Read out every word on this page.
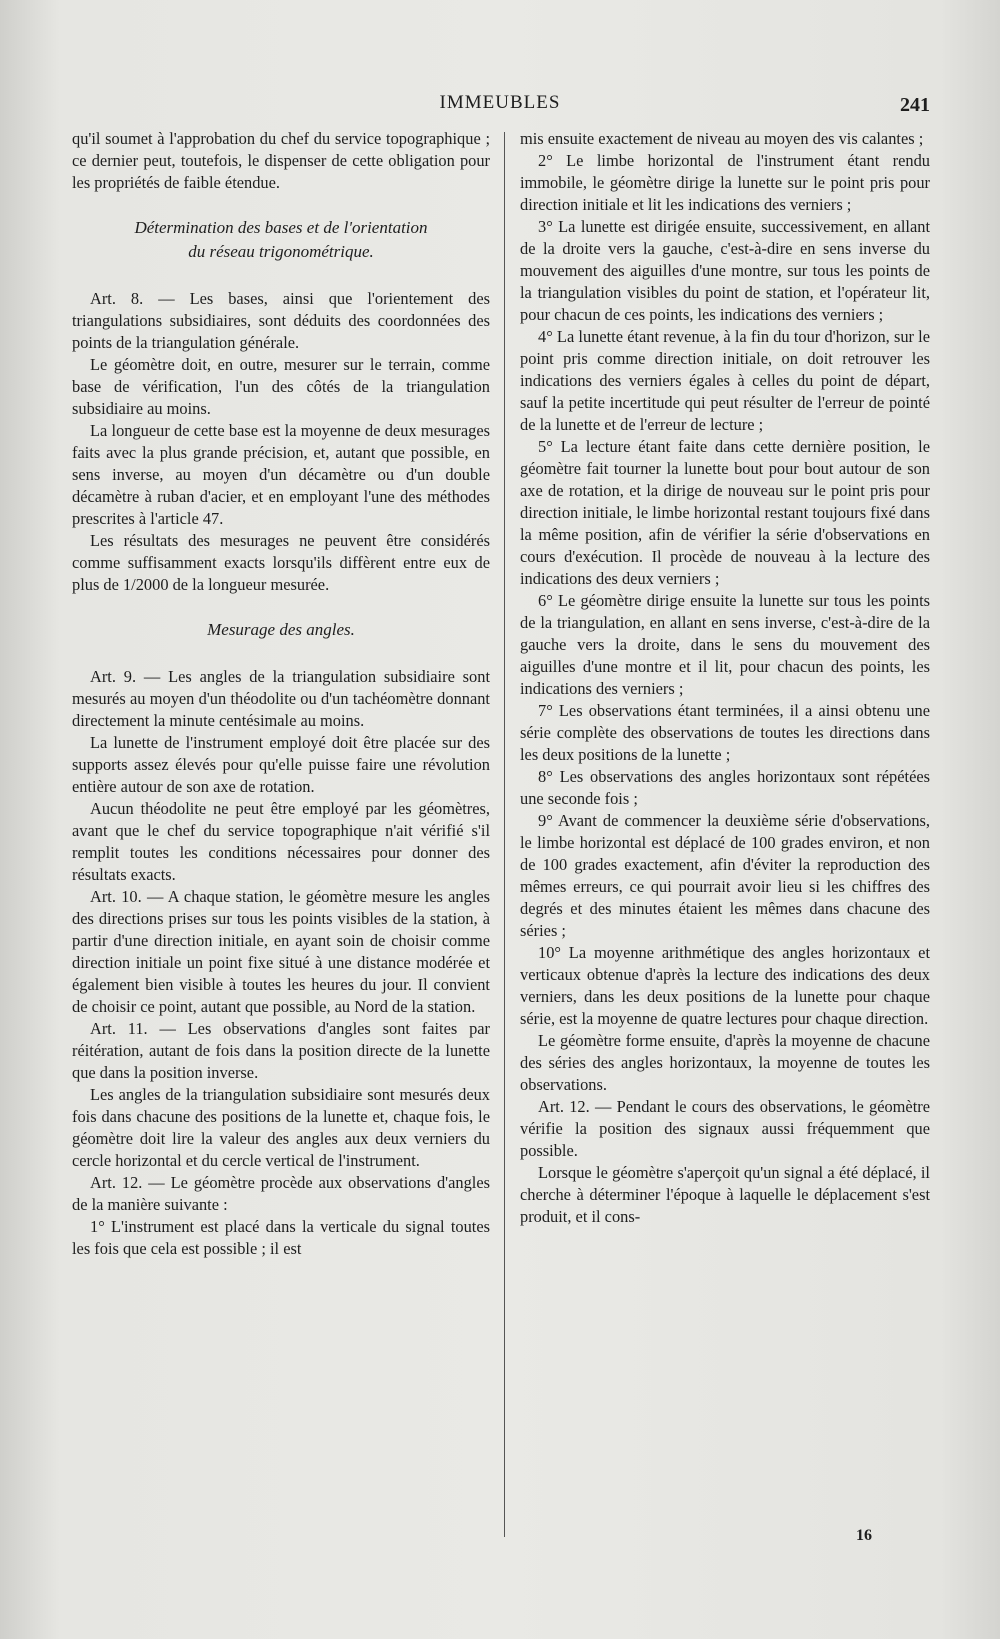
IMMEUBLES	241

qu'il soumet à l'approbation du chef du service topographique ; ce dernier peut, toutefois, le dispenser de cette obligation pour les propriétés de faible étendue.

Détermination des bases et de l'orientation
du réseau trigonométrique.

Art. 8. — Les bases, ainsi que l'orientement des triangulations subsidiaires, sont déduits des coordonnées des points de la triangulation générale.

Le géomètre doit, en outre, mesurer sur le terrain, comme base de vérification, l'un des côtés de la triangulation subsidiaire au moins.

La longueur de cette base est la moyenne de deux mesurages faits avec la plus grande précision, et, autant que possible, en sens inverse, au moyen d'un décamètre ou d'un double décamètre à ruban d'acier, et en employant l'une des méthodes prescrites à l'article 47.

Les résultats des mesurages ne peuvent être considérés comme suffisamment exacts lorsqu'ils diffèrent entre eux de plus de 1/2000 de la longueur mesurée.

Mesurage des angles.

Art. 9. — Les angles de la triangulation subsidiaire sont mesurés au moyen d'un théodolite ou d'un tachéomètre donnant directement la minute centésimale au moins.

La lunette de l'instrument employé doit être placée sur des supports assez élevés pour qu'elle puisse faire une révolution entière autour de son axe de rotation.

Aucun théodolite ne peut être employé par les géomètres, avant que le chef du service topographique n'ait vérifié s'il remplit toutes les conditions nécessaires pour donner des résultats exacts.

Art. 10. — A chaque station, le géomètre mesure les angles des directions prises sur tous les points visibles de la station, à partir d'une direction initiale, en ayant soin de choisir comme direction initiale un point fixe situé à une distance modérée et également bien visible à toutes les heures du jour. Il convient de choisir ce point, autant que possible, au Nord de la station.

Art. 11. — Les observations d'angles sont faites par réitération, autant de fois dans la position directe de la lunette que dans la position inverse.

Les angles de la triangulation subsidiaire sont mesurés deux fois dans chacune des positions de la lunette et, chaque fois, le géomètre doit lire la valeur des angles aux deux verniers du cercle horizontal et du cercle vertical de l'instrument.

Art. 12. — Le géomètre procède aux observations d'angles de la manière suivante :

1° L'instrument est placé dans la verticale du signal toutes les fois que cela est possible ; il est

mis ensuite exactement de niveau au moyen des vis calantes ;

2° Le limbe horizontal de l'instrument étant rendu immobile, le géomètre dirige la lunette sur le point pris pour direction initiale et lit les indications des verniers ;

3° La lunette est dirigée ensuite, successivement, en allant de la droite vers la gauche, c'est-à-dire en sens inverse du mouvement des aiguilles d'une montre, sur tous les points de la triangulation visibles du point de station, et l'opérateur lit, pour chacun de ces points, les indications des verniers ;

4° La lunette étant revenue, à la fin du tour d'horizon, sur le point pris comme direction initiale, on doit retrouver les indications des verniers égales à celles du point de départ, sauf la petite incertitude qui peut résulter de l'erreur de pointé de la lunette et de l'erreur de lecture ;

5° La lecture étant faite dans cette dernière position, le géomètre fait tourner la lunette bout pour bout autour de son axe de rotation, et la dirige de nouveau sur le point pris pour direction initiale, le limbe horizontal restant toujours fixé dans la même position, afin de vérifier la série d'observations en cours d'exécution. Il procède de nouveau à la lecture des indications des deux verniers ;

6° Le géomètre dirige ensuite la lunette sur tous les points de la triangulation, en allant en sens inverse, c'est-à-dire de la gauche vers la droite, dans le sens du mouvement des aiguilles d'une montre et il lit, pour chacun des points, les indications des verniers ;

7° Les observations étant terminées, il a ainsi obtenu une série complète des observations de toutes les directions dans les deux positions de la lunette ;

8° Les observations des angles horizontaux sont répétées une seconde fois ;

9° Avant de commencer la deuxième série d'observations, le limbe horizontal est déplacé de 100 grades environ, et non de 100 grades exactement, afin d'éviter la reproduction des mêmes erreurs, ce qui pourrait avoir lieu si les chiffres des degrés et des minutes étaient les mêmes dans chacune des séries ;

10° La moyenne arithmétique des angles horizontaux et verticaux obtenue d'après la lecture des indications des deux verniers, dans les deux positions de la lunette pour chaque série, est la moyenne de quatre lectures pour chaque direction.

Le géomètre forme ensuite, d'après la moyenne de chacune des séries des angles horizontaux, la moyenne de toutes les observations.

Art. 12. — Pendant le cours des observations, le géomètre vérifie la position des signaux aussi fréquemment que possible.

Lorsque le géomètre s'aperçoit qu'un signal a été déplacé, il cherche à déterminer l'époque à laquelle le déplacement s'est produit, et il cons-

16
